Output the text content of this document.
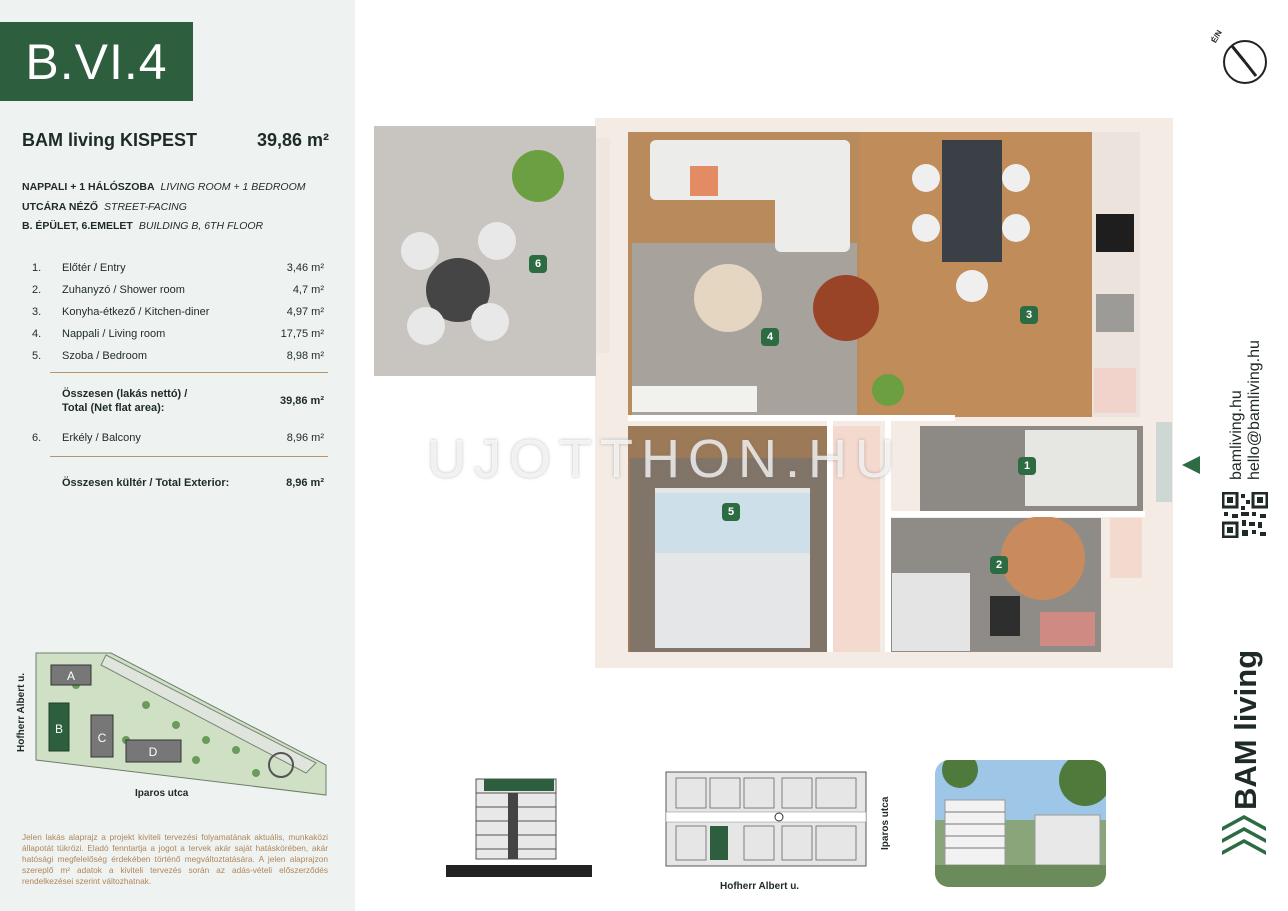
B.VI.4
BAM living KISPEST	39,86 m²
NAPPALI + 1 HÁLÓSZOBA LIVING ROOM + 1 BEDROOM
UTCÁRA NÉZŐ STREET-FACING
B. ÉPÜLET, 6.EMELET BUILDING B, 6TH FLOOR
1. Előtér / Entry	3,46 m²
2. Zuhanyzó / Shower room	4,7 m²
3. Konyha-étkező / Kitchen-diner	4,97 m²
4. Nappali / Living room	17,75 m²
5. Szoba / Bedroom	8,98 m²
Összesen (lakás nettó) /
Total (Net flat area):
39,86 m²
6. Erkély / Balcony	8,96 m²
Összesen kültér / Total Exterior:	8,96 m²
A
B
C
D
Iparos utca
Hofherr Albert u.
Jelen lakás alaprajz a projekt kiviteli tervezési folyamatának aktuális, munkaközi állapotát tükrözi. Eladó fenntartja a jogot a tervek akár saját hatáskörében, akár hatósági megfelelőség érdekében történő megváltoztatására. A jelen alaprajzon szereplő m² adatok a kiviteli tervezés során az adás-vételi előszerződés rendelkezései szerint változhatnak.
1
2
3
4
5
6
UJOTTHON.HU
É/N
bamliving.hu hello@bamliving.hu
BAM living
Hofherr Albert u.
Iparos utca
